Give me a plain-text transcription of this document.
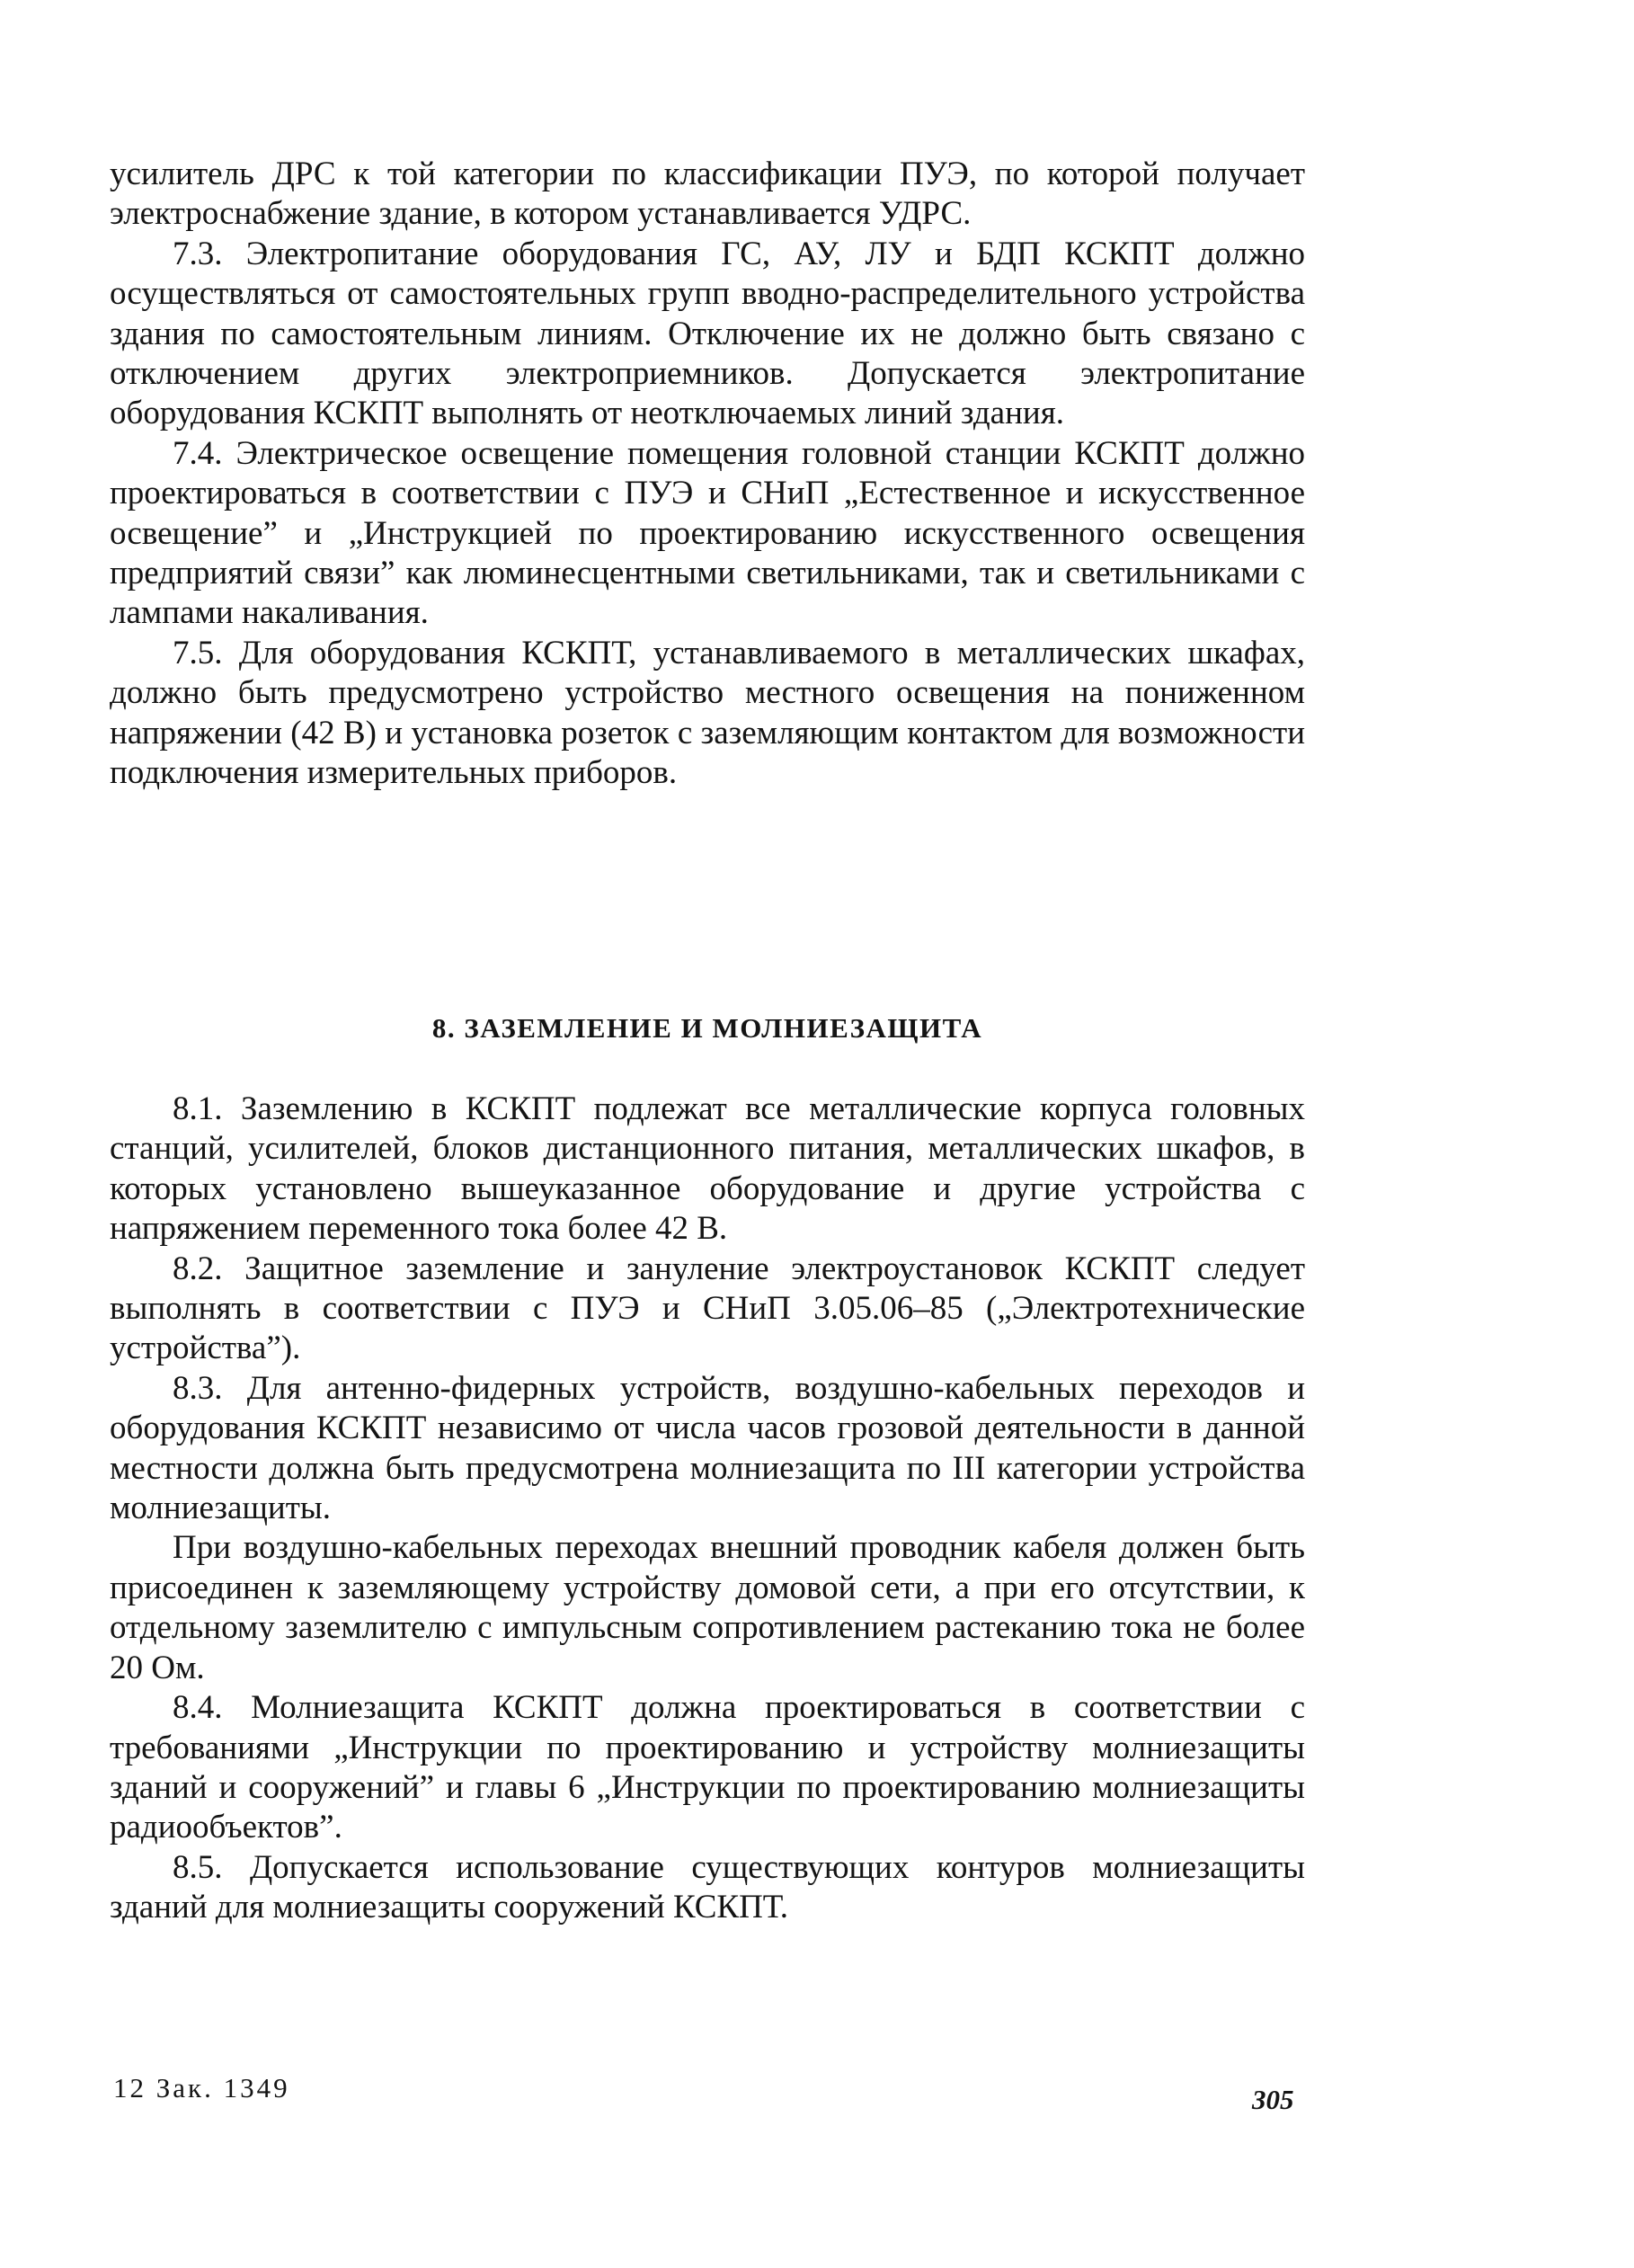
усилитель ДРС к той категории по классификации ПУЭ, по которой получает электроснабжение здание, в котором устанавливается УДРС.

7.3. Электропитание оборудования ГС, АУ, ЛУ и БДП КСКПТ должно осуществляться от самостоятельных групп вводно-распределительного устройства здания по самостоятельным линиям. Отключение их не должно быть связано с отключением других электроприемников. Допускается электропитание оборудования КСКПТ выполнять от неотключаемых линий здания.

7.4. Электрическое освещение помещения головной станции КСКПТ должно проектироваться в соответствии с ПУЭ и СНиП „Естественное и искусственное освещение” и „Инструкцией по проектированию искусственного освещения предприятий связи” как люминесцентными светильниками, так и светильниками с лампами накаливания.

7.5. Для оборудования КСКПТ, устанавливаемого в металлических шкафах, должно быть предусмотрено устройство местного освещения на пониженном напряжении (42 В) и установка розеток с заземляющим контактом для возможности подключения измерительных приборов.

8. ЗАЗЕМЛЕНИЕ И МОЛНИЕЗАЩИТА

8.1. Заземлению в КСКПТ подлежат все металлические корпуса головных станций, усилителей, блоков дистанционного питания, металлических шкафов, в которых установлено вышеуказанное оборудование и другие устройства с напряжением переменного тока более 42 В.

8.2. Защитное заземление и зануление электроустановок КСКПТ следует выполнять в соответствии с ПУЭ и СНиП 3.05.06–85 („Электротехнические устройства”).

8.3. Для антенно-фидерных устройств, воздушно-кабельных переходов и оборудования КСКПТ независимо от числа часов грозовой деятельности в данной местности должна быть предусмотрена молниезащита по III категории устройства молниезащиты.

При воздушно-кабельных переходах внешний проводник кабеля должен быть присоединен к заземляющему устройству домовой сети, а при его отсутствии, к отдельному заземлителю с импульсным сопротивлением растеканию тока не более 20 Ом.

8.4. Молниезащита КСКПТ должна проектироваться в соответствии с требованиями „Инструкции по проектированию и устройству молниезащиты зданий и сооружений” и главы 6 „Инструкции по проектированию молниезащиты радиообъектов”.

8.5. Допускается использование существующих контуров молниезащиты зданий для молниезащиты сооружений КСКПТ.

12 Зак. 1349	305
